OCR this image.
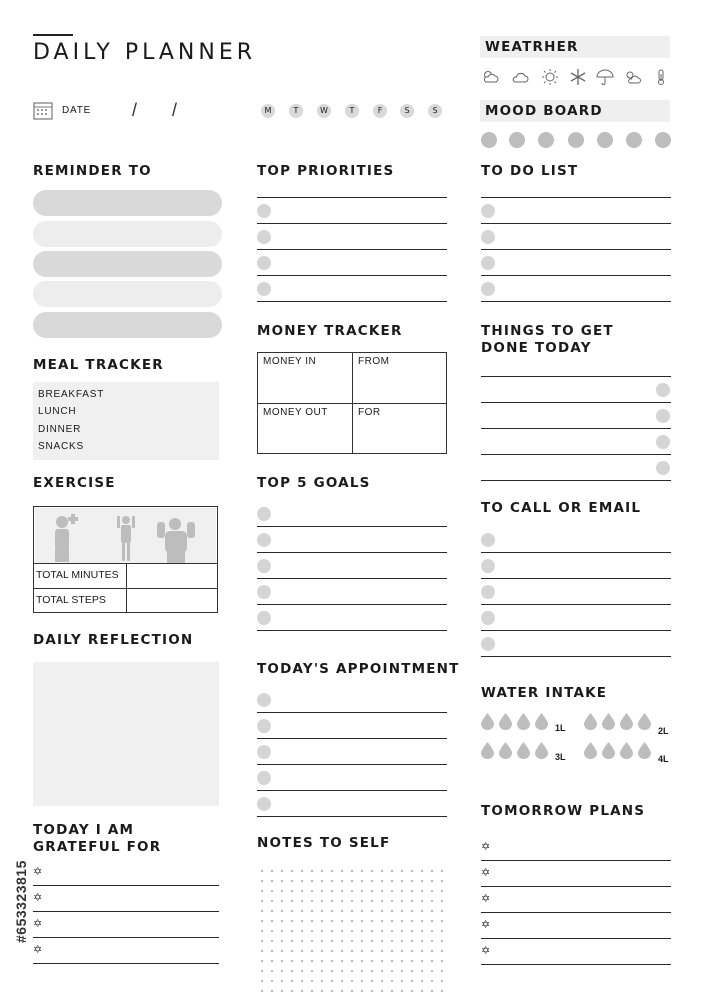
DAILY PLANNER
DATE / /	M	T	W	T	F	S	S
WEATRHER
MOOD BOARD
REMINDER TO
MEAL TRACKER
BREAKFAST
LUNCH
DINNER
SNACKS
EXERCISE
TOTAL MINUTES
TOTAL STEPS
DAILY REFLECTION
TODAY I AM
GRATEFUL FOR
✡
✡
✡
✡
TOP PRIORITIES
MONEY TRACKER
MONEY IN	FROM
MONEY OUT	FOR
TOP 5 GOALS
TODAY'S APPOINTMENT
NOTES TO SELF
TO DO LIST
THINGS TO GET
DONE TODAY
TO CALL OR EMAIL
WATER INTAKE
1L	2L
3L	4L
TOMORROW PLANS
✡
✡
✡
✡
✡
#653323815
